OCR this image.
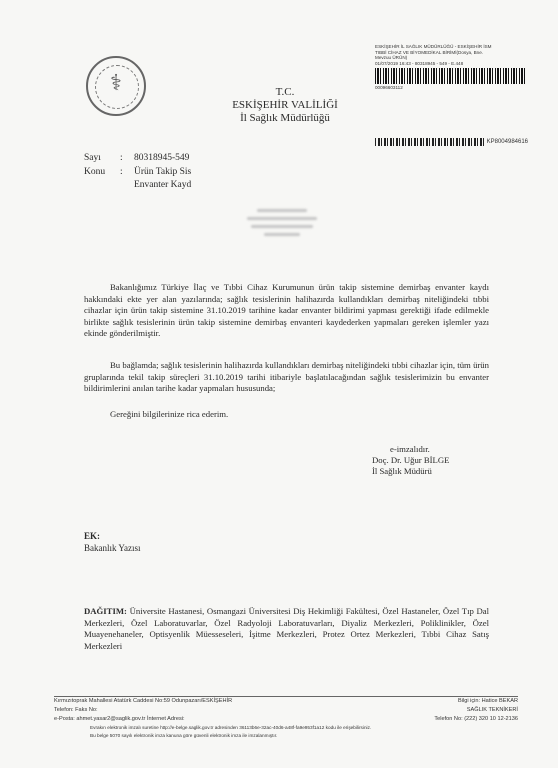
⚕	T.C.
ESKİŞEHİR VALİLİĞİ
İl Sağlık Müdürlüğü
ESKİŞEHİR İL SAĞLIK MÜDÜRLÜĞÜ - ESKİŞEHİR İSM
TIBBİ CİHAZ VE BİYOMEDİKAL BİRİMİ(Dosya, Bne.
Mevzuu ÜRÜN)
01/07/2019 16:43 - 80318945 - 549 - E.448
00096603112
KP8004984616
Sayı : 80318945-549
Konu : Ürün Takip Sis
Envanter Kayd

Bakanlığımız Türkiye İlaç ve Tıbbi Cihaz Kurumunun ürün takip sistemine demirbaş envanter kaydı hakkındaki ekte yer alan yazılarında; sağlık tesislerinin halihazırda kullandıkları demirbaş niteliğindeki tıbbi cihazlar için ürün takip sistemine 31.10.2019 tarihine kadar envanter bildirimi yapması gerektiği ifade edilmekle birlikte sağlık tesislerinin ürün takip sistemine demirbaş envanteri kaydederken yapmaları gereken işlemler yazı ekinde gönderilmiştir.

Bu bağlamda; sağlık tesislerinin halihazırda kullandıkları demirbaş niteliğindeki tıbbi cihazlar için, tüm ürün gruplarında tekil takip süreçleri 31.10.2019 tarihi itibariyle başlatılacağından sağlık tesislerimizin bu envanter bildirimlerini anılan tarihe kadar yapmaları hususunda;

Gereğini bilgilerinize rica ederim.

e-imzalıdır.
Doç. Dr. Uğur BİLGE
İl Sağlık Müdürü
EK:
Bakanlık Yazısı
DAĞITIM: Üniversite Hastanesi, Osmangazi Üniversitesi Diş Hekimliği Fakültesi, Özel Hastaneler, Özel Tıp Dal Merkezleri, Özel Laboratuvarlar, Özel Radyoloji Laboratuvarları, Diyaliz Merkezleri, Poliklinikler, Özel Muayenehaneler, Optisyenlik Müesseseleri, İşitme Merkezleri, Protez Ortez Merkezleri, Tıbbi Cihaz Satış Merkezleri
Kırmızıtoprak Mahallesi Atatürk Caddesi No:59 Odunpazarı/ESKİŞEHİR	Bilgi için: Hatice BEKAR
Telefon: Faks No:	SAĞLIK TEKNİKERİ
e-Posta: ahmet.yasar2@saglik.gov.tr İnternet Adresi:	Telefon No: (222) 320 10 12-2136
Evrakın elektronik imzalı suretine http://e-belge.saglik.gov.tr adresinden 36113b6e-32ac-40d6-a48f-fa9e953f1a12 kodu ile erişebilirsiniz.
Bu belge 5070 sayılı elektronik imza kanuna göre güvenli elektronik imza ile imzalanmıştır.
